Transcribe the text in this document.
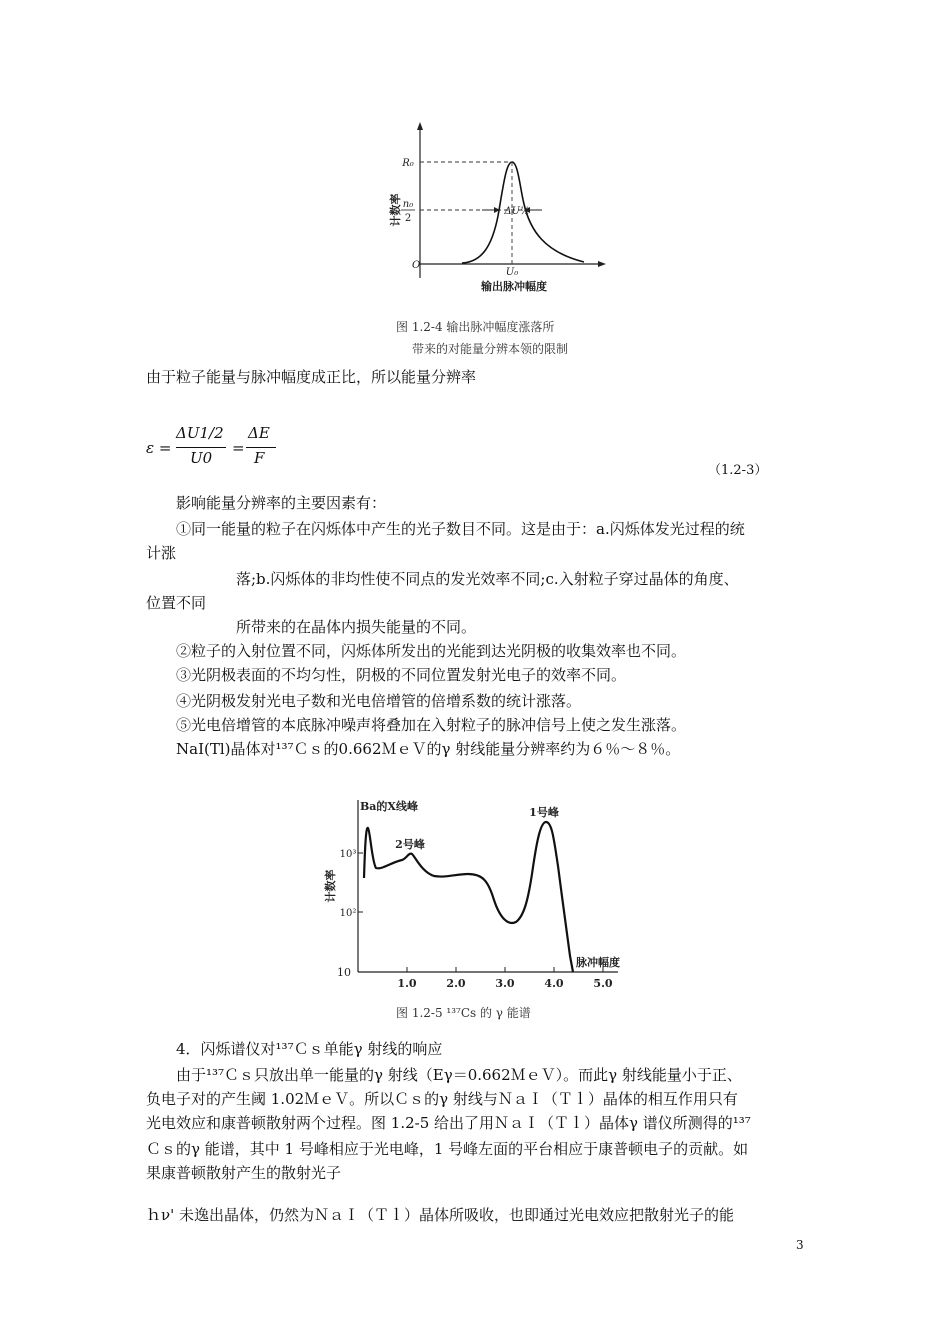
R₀
n₀
2
O
U₀
ΔU½
输出脉冲幅度
计数率
图 1.2-4 输出脉冲幅度涨落所
带来的对能量分辨本领的限制
由于粒子能量与脉冲幅度成正比，所以能量分辨率
ε =
ΔU1/2
U0
=
ΔE
F
（1.2-3）
影响能量分辨率的主要因素有：
①同一能量的粒子在闪烁体中产生的光子数目不同。这是由于：a.闪烁体发光过程的统
计涨
落;b.闪烁体的非均性使不同点的发光效率不同;c.入射粒子穿过晶体的角度、
位置不同
所带来的在晶体内损失能量的不同。
②粒子的入射位置不同，闪烁体所发出的光能到达光阴极的收集效率也不同。
③光阴极表面的不均匀性，阴极的不同位置发射光电子的效率不同。
④光阴极发射光电子数和光电倍增管的倍增系数的统计涨落。
⑤光电倍增管的本底脉冲噪声将叠加在入射粒子的脉冲信号上使之发生涨落。
NaI(Tl)晶体对¹³⁷Ｃｓ的0.662ＭｅＶ的γ 射线能量分辨率约为６％～８％。
Ba的X线峰
2号峰
1号峰
10³
10²
10
1.0	2.0	3.0	4.0	5.0
脉冲幅度
计数率
图 1.2-5 ¹³⁷Cs 的 γ 能谱
4．闪烁谱仪对¹³⁷Ｃｓ单能γ 射线的响应
由于¹³⁷Ｃｓ只放出单一能量的γ 射线（Eγ＝0.662ＭｅＶ）。而此γ 射线能量小于正、
负电子对的产生阈 1.02ＭｅＶ。所以Ｃｓ的γ 射线与ＮａＩ（Ｔｌ）晶体的相互作用只有
光电效应和康普顿散射两个过程。图 1.2-5 给出了用ＮａＩ（Ｔｌ）晶体γ 谱仪所测得的¹³⁷
Ｃｓ的γ 能谱，其中 1 号峰相应于光电峰，1 号峰左面的平台相应于康普顿电子的贡献。如
果康普顿散射产生的散射光子
ｈν' 未逸出晶体，仍然为ＮａＩ（Ｔｌ）晶体所吸收，也即通过光电效应把散射光子的能
3
